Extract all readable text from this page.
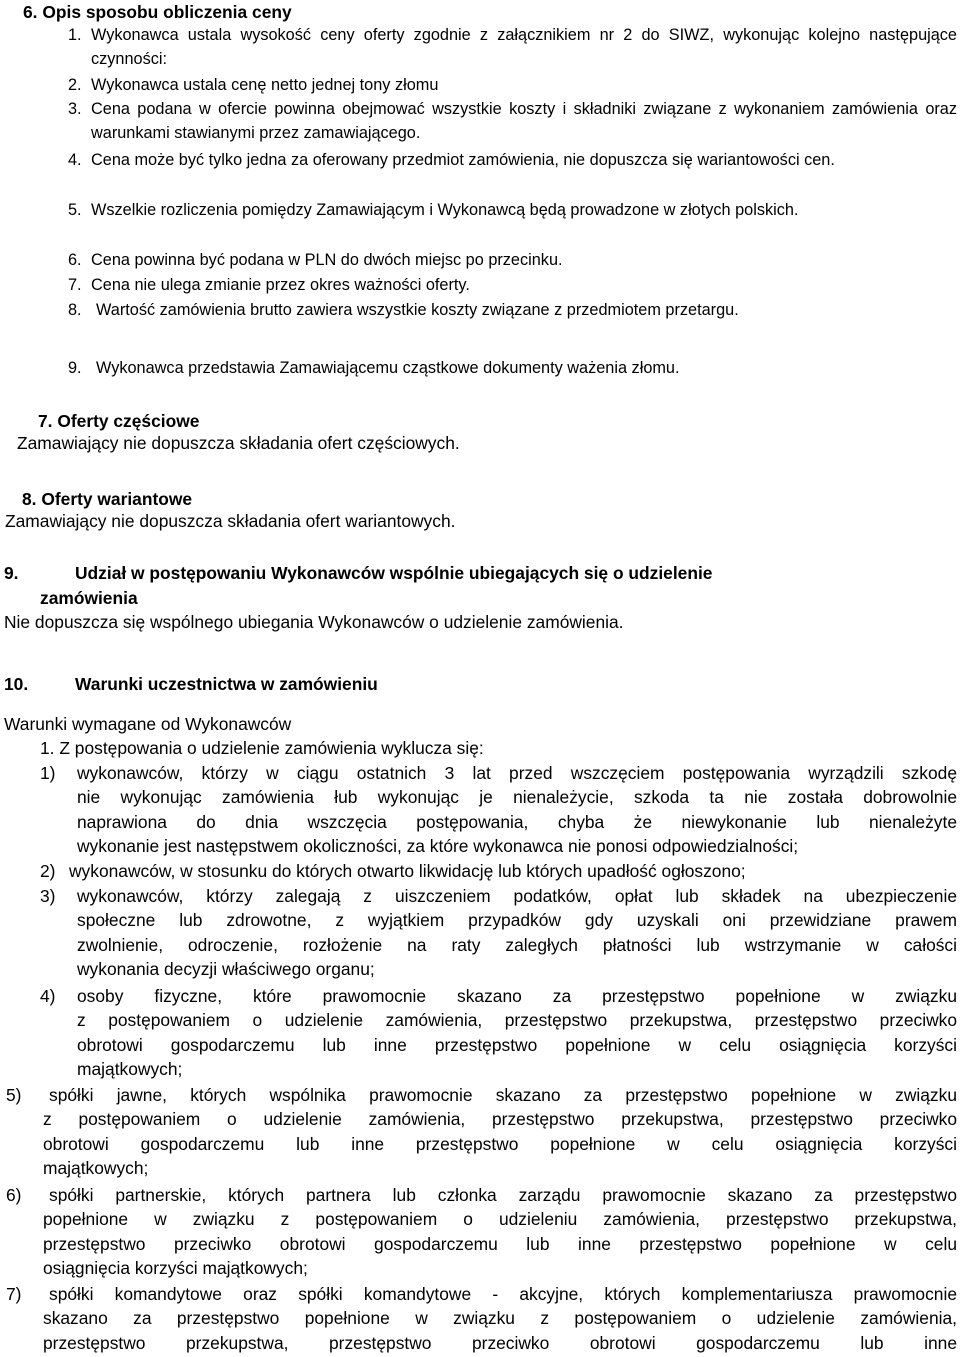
6. Opis sposobu obliczenia ceny
1. Wykonawca ustala wysokość ceny oferty zgodnie z załącznikiem nr 2 do SIWZ, wykonując kolejno następujące czynności:
2. Wykonawca ustala cenę netto jednej tony złomu
3. Cena podana w ofercie powinna obejmować wszystkie koszty i składniki związane z wykonaniem zamówienia oraz warunkami stawianymi przez zamawiającego.
4. Cena może być tylko jedna za oferowany przedmiot zamówienia, nie dopuszcza się wariantowości cen.
5. Wszelkie rozliczenia pomiędzy Zamawiającym i Wykonawcą będą prowadzone w złotych polskich.
6. Cena powinna być podana w PLN do dwóch miejsc po przecinku.
7. Cena nie ulega zmianie przez okres ważności oferty.
8. Wartość zamówienia brutto zawiera wszystkie koszty związane z przedmiotem przetargu.
9. Wykonawca przedstawia Zamawiającemu cząstkowe dokumenty ważenia złomu.
7. Oferty częściowe
Zamawiający nie dopuszcza składania ofert częściowych.
8. Oferty wariantowe
Zamawiający nie dopuszcza składania ofert wariantowych.
9.	Udział w postępowaniu Wykonawców wspólnie ubiegających się o udzielenie
zamówienia
Nie dopuszcza się wspólnego ubiegania Wykonawców o udzielenie zamówienia.
10.	Warunki uczestnictwa w zamówieniu
Warunki wymagane od Wykonawców
1. Z postępowania o udzielenie zamówienia wyklucza się:
1) wykonawców, którzy w ciągu ostatnich 3 lat przed wszczęciem postępowania wyrządzili szkodę
nie wykonując zamówienia łub wykonując je nienależycie, szkoda ta nie została dobrowolnie
naprawiona do dnia wszczęcia postępowania, chyba że niewykonanie lub nienależyte
wykonanie jest następstwem okoliczności, za które wykonawca nie ponosi odpowiedzialności;
2) wykonawców, w stosunku do których otwarto likwidację lub których upadłość ogłoszono;
3) wykonawców, którzy zalegają z uiszczeniem podatków, opłat lub składek na ubezpieczenie
społeczne lub zdrowotne, z wyjątkiem przypadków gdy uzyskali oni przewidziane prawem
zwolnienie, odroczenie, rozłożenie na raty zaległych płatności lub wstrzymanie w całości
wykonania decyzji właściwego organu;
4) osoby fizyczne, które prawomocnie skazano za przestępstwo popełnione w związku
z postępowaniem o udzielenie zamówienia, przestępstwo przekupstwa, przestępstwo przeciwko
obrotowi gospodarczemu lub inne przestępstwo popełnione w celu osiągnięcia korzyści
majątkowych;
5)	spółki jawne, których wspólnika prawomocnie skazano za przestępstwo popełnione w związku
z postępowaniem o udzielenie zamówienia, przestępstwo przekupstwa, przestępstwo przeciwko
obrotowi gospodarczemu lub inne przestępstwo popełnione w celu osiągnięcia korzyści
majątkowych;
6)	spółki partnerskie, których partnera lub członka zarządu prawomocnie skazano za przestępstwo
popełnione w związku z postępowaniem o udzieleniu zamówienia, przestępstwo przekupstwa,
przestępstwo przeciwko obrotowi gospodarczemu lub inne przestępstwo popełnione w celu
osiągnięcia korzyści majątkowych;
7)	spółki komandytowe oraz spółki komandytowe - akcyjne, których komplementariusza prawomocnie
skazano za przestępstwo popełnione w związku z postępowaniem o udzielenie zamówienia,
przestępstwo przekupstwa, przestępstwo przeciwko obrotowi gospodarczemu lub inne
